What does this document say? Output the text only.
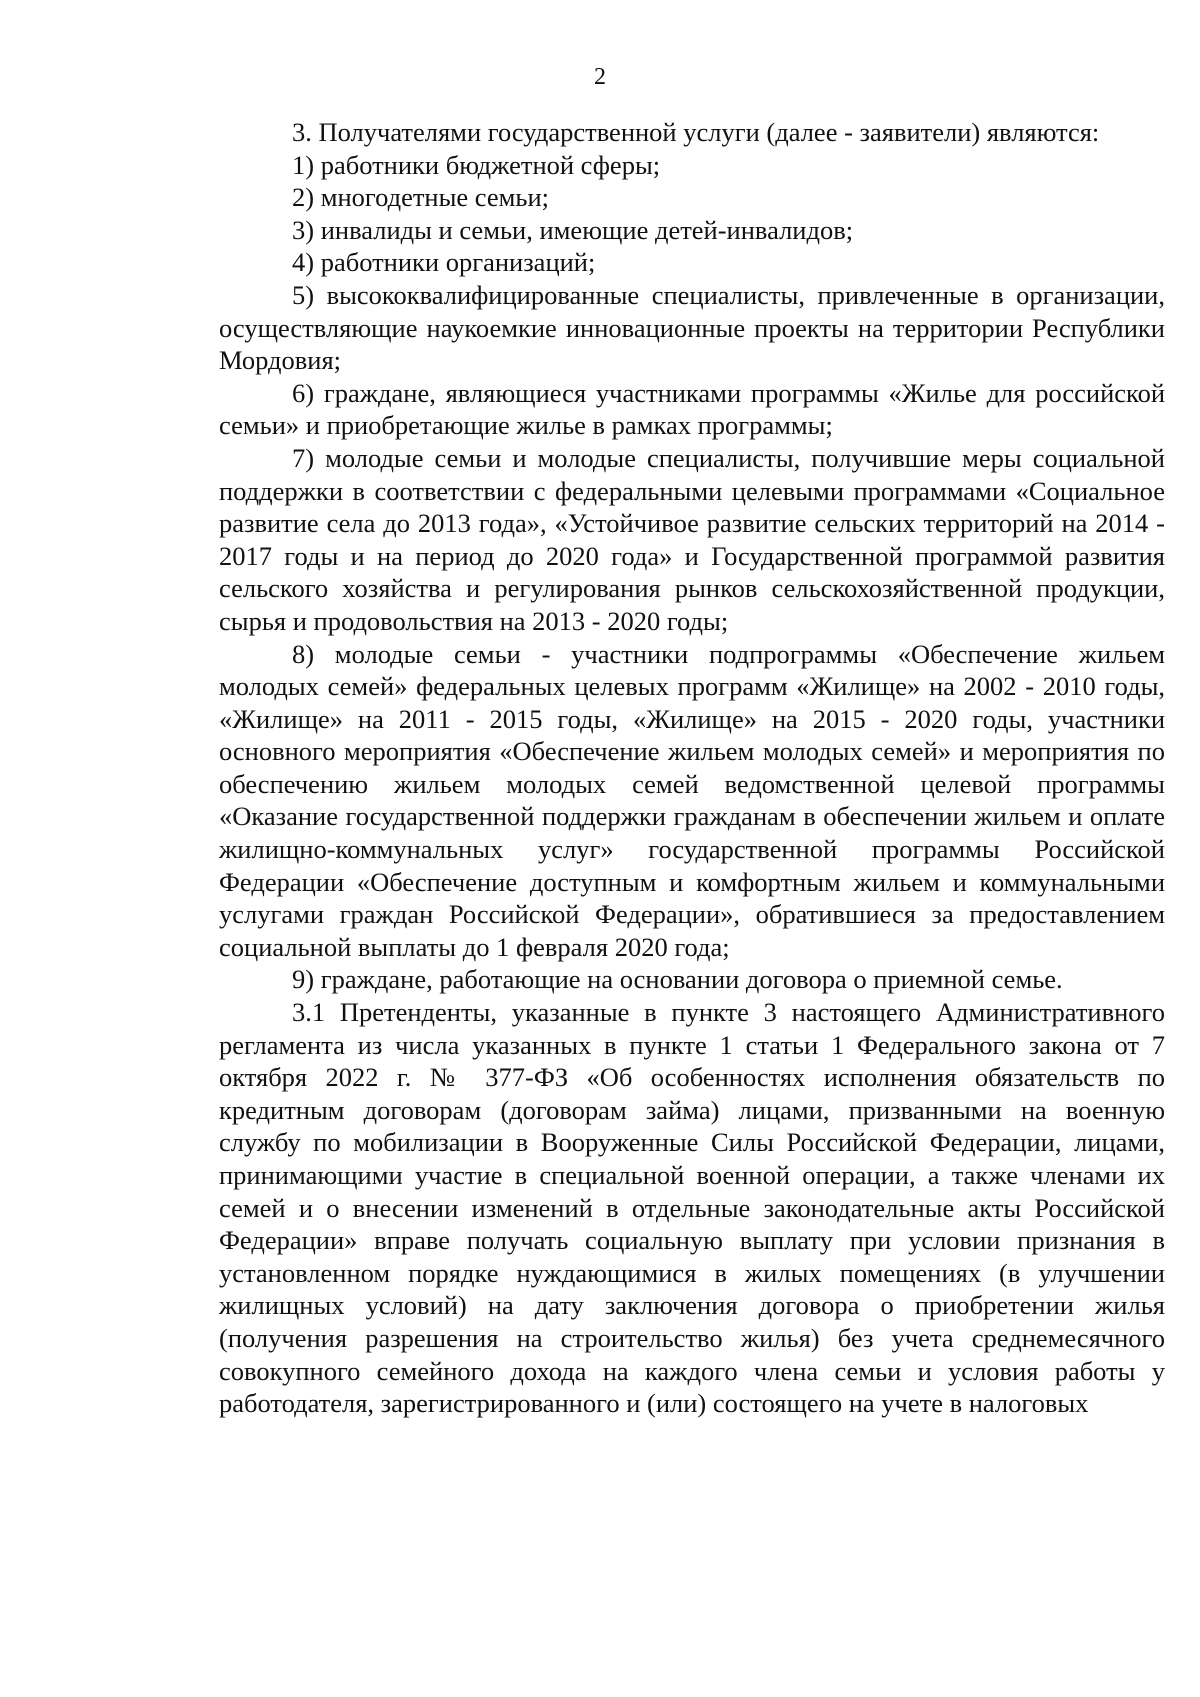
2

3. Получателями государственной услуги (далее - заявители) являются:

1) работники бюджетной сферы;

2) многодетные семьи;

3) инвалиды и семьи, имеющие детей-инвалидов;

4) работники организаций;

5) высококвалифицированные специалисты, привлеченные в организации, осуществляющие наукоемкие инновационные проекты на территории Республики Мордовия;

6) граждане, являющиеся участниками программы «Жилье для российской семьи» и приобретающие жилье в рамках программы;

7) молодые семьи и молодые специалисты, получившие меры социальной поддержки в соответствии с федеральными целевыми программами «Социальное развитие села до 2013 года», «Устойчивое развитие сельских территорий на 2014 - 2017 годы и на период до 2020 года» и Государственной программой развития сельского хозяйства и регулирования рынков сельскохозяйственной продукции, сырья и продовольствия на 2013 - 2020 годы;

8) молодые семьи - участники подпрограммы «Обеспечение жильем молодых семей» федеральных целевых программ «Жилище» на 2002 - 2010 годы, «Жилище» на 2011 - 2015 годы, «Жилище» на 2015 - 2020 годы, участники основного мероприятия «Обеспечение жильем молодых семей» и мероприятия по обеспечению жильем молодых семей ведомственной целевой программы «Оказание государственной поддержки гражданам в обеспечении жильем и оплате жилищно-коммунальных услуг» государственной программы Российской Федерации «Обеспечение доступным и комфортным жильем и коммунальными услугами граждан Российской Федерации», обратившиеся за предоставлением социальной выплаты до 1 февраля 2020 года;

9) граждане, работающие на основании договора о приемной семье.

3.1 Претенденты, указанные в пункте 3 настоящего Административного регламента из числа указанных в пункте 1 статьи 1 Федерального закона от 7 октября 2022 г. № 377-ФЗ «Об особенностях исполнения обязательств по кредитным договорам (договорам займа) лицами, призванными на военную службу по мобилизации в Вооруженные Силы Российской Федерации, лицами, принимающими участие в специальной военной операции, а также членами их семей и о внесении изменений в отдельные законодательные акты Российской Федерации» вправе получать социальную выплату при условии признания в установленном порядке нуждающимися в жилых помещениях (в улучшении жилищных условий) на дату заключения договора о приобретении жилья (получения разрешения на строительство жилья) без учета среднемесячного совокупного семейного дохода на каждого члена семьи и условия работы у работодателя, зарегистрированного и (или) состоящего на учете в налоговых
